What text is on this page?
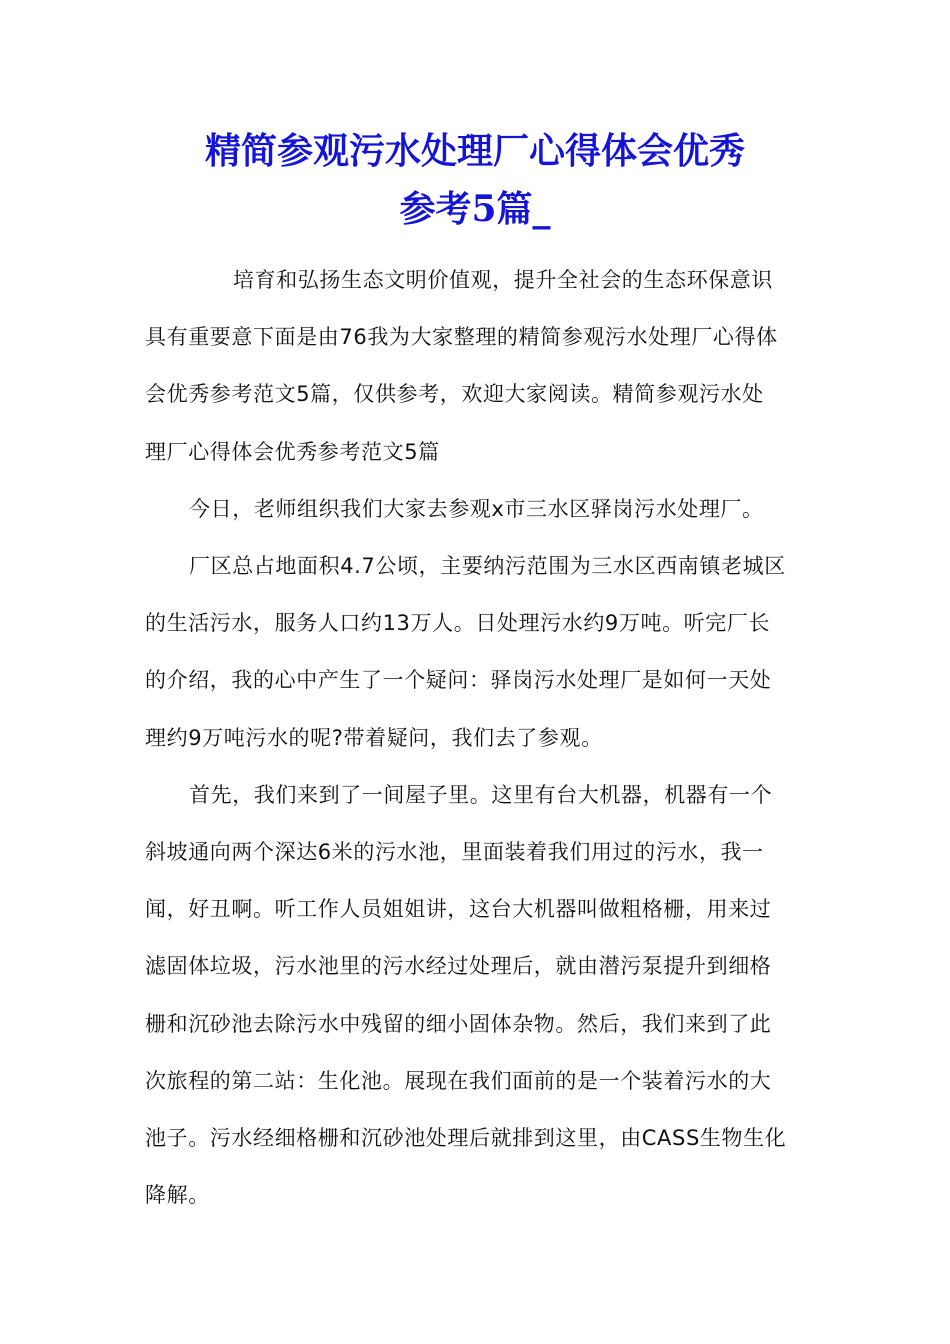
精简参观污水处理厂心得体会优秀
参考5篇_

培育和弘扬生态文明价值观，提升全社会的生态环保意识
具有重要意下面是由76我为大家整理的精简参观污水处理厂心得体
会优秀参考范文5篇，仅供参考，欢迎大家阅读。精简参观污水处
理厂心得体会优秀参考范文5篇

今日，老师组织我们大家去参观x市三水区驿岗污水处理厂。

厂区总占地面积4.7公顷，主要纳污范围为三水区西南镇老城区
的生活污水，服务人口约13万人。日处理污水约9万吨。听完厂长
的介绍，我的心中产生了一个疑问：驿岗污水处理厂是如何一天处
理约9万吨污水的呢?带着疑问，我们去了参观。

首先，我们来到了一间屋子里。这里有台大机器，机器有一个
斜坡通向两个深达6米的污水池，里面装着我们用过的污水，我一
闻，好丑啊。听工作人员姐姐讲，这台大机器叫做粗格栅，用来过
滤固体垃圾，污水池里的污水经过处理后，就由潜污泵提升到细格
栅和沉砂池去除污水中残留的细小固体杂物。然后，我们来到了此
次旅程的第二站：生化池。展现在我们面前的是一个装着污水的大
池子。污水经细格栅和沉砂池处理后就排到这里，由CASS生物生化
降解。
